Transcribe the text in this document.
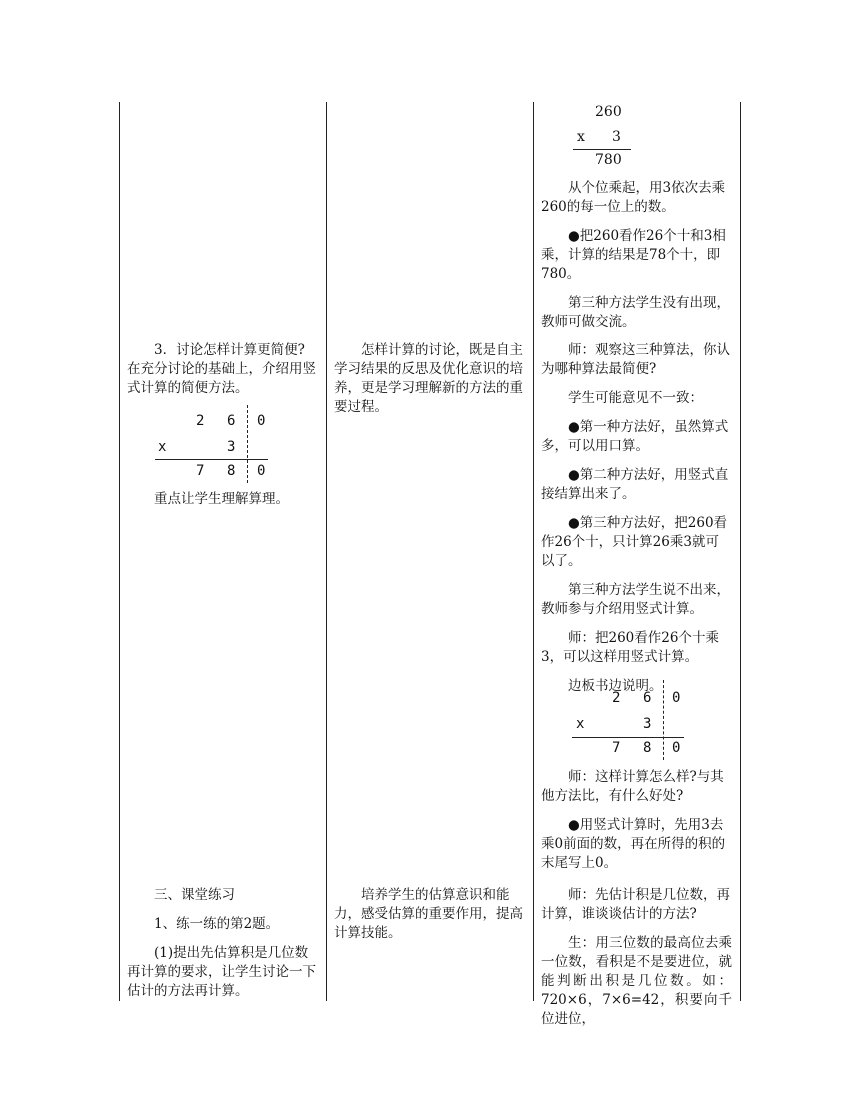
3．讨论怎样计算更简便?

在充分讨论的基础上，介绍用竖式计算的简便方法。

2 6 0
x	3
7 8 0

重点让学生理解算理。

三、课堂练习

1、练一练的第2题。

(1)提出先估算积是几位数再计算的要求，让学生讨论一下估计的方法再计算。

怎样计算的讨论，既是自主学习结果的反思及优化意识的培养，更是学习理解新的方法的重要过程。

培养学生的估算意识和能力，感受估算的重要作用，提高计算技能。

260
x 3
780

从个位乘起，用3依次去乘260的每一位上的数。

●把260看作26个十和3相乘，计算的结果是78个十，即780。

第三种方法学生没有出现，教师可做交流。

师：观察这三种算法，你认为哪种算法最简便?

学生可能意见不一致：

●第一种方法好，虽然算式多，可以用口算。

●第二种方法好，用竖式直接结算出来了。

●第三种方法好，把260看作26个十，只计算26乘3就可以了。

第三种方法学生说不出来，教师参与介绍用竖式计算。

师：把260看作26个十乘3，可以这样用竖式计算。

边板书边说明。

2 6 0
x	3
7 8 0

师：这样计算怎么样?与其他方法比，有什么好处?

●用竖式计算时，先用3去乘0前面的数，再在所得的积的末尾写上0。

师：先估计积是几位数，再计算，谁谈谈估计的方法?

生：用三位数的最高位去乘一位数，看积是不是要进位，就能判断出积是几位数。如：720×6，7×6=42，积要向千位进位，
